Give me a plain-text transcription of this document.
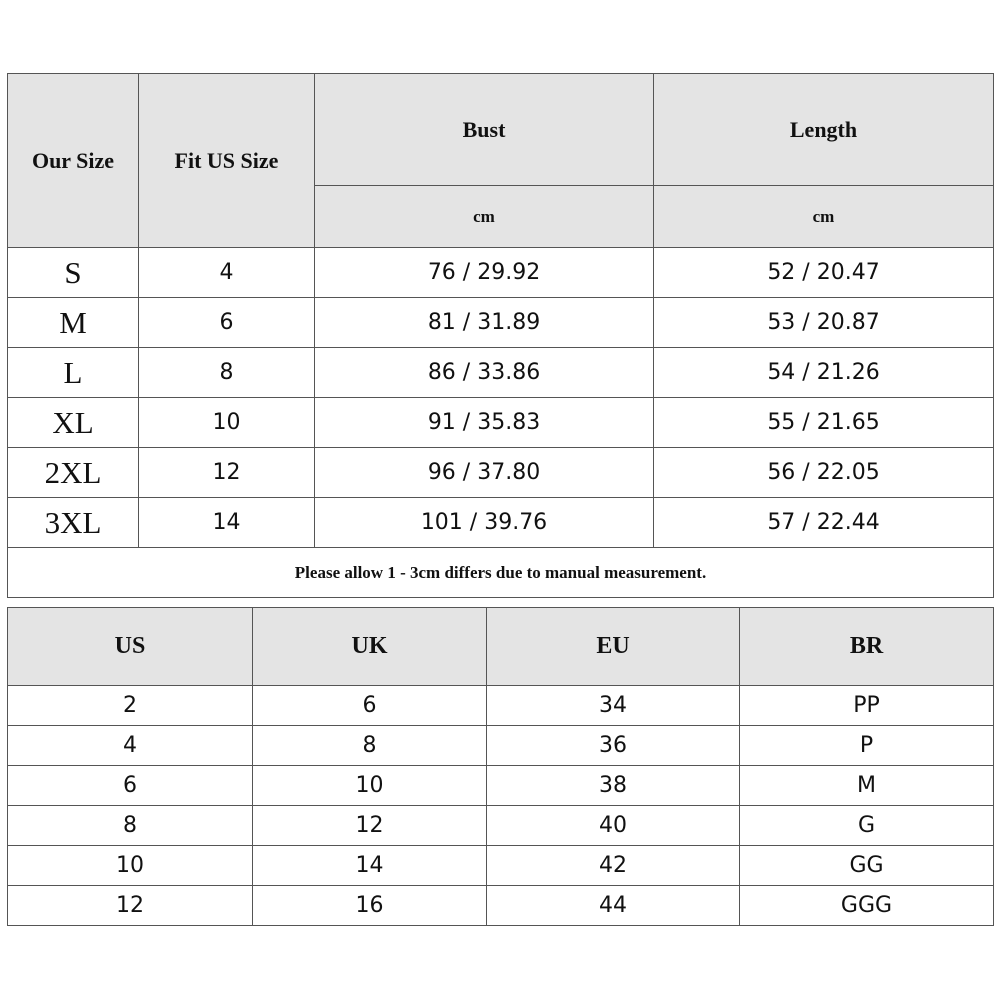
Our Size	Fit US Size	Bust	Length
		cm	cm
S	4	76 / 29.92	52 / 20.47
M	6	81 / 31.89	53 / 20.87
L	8	86 / 33.86	54 / 21.26
XL	10	91 / 35.83	55 / 21.65
2XL	12	96 / 37.80	56 / 22.05
3XL	14	101 / 39.76	57 / 22.44
Please allow 1 - 3cm differs due to manual measurement.			
US	UK	EU	BR
2	6	34	PP
4	8	36	P
6	10	38	M
8	12	40	G
10	14	42	GG
12	16	44	GGG
